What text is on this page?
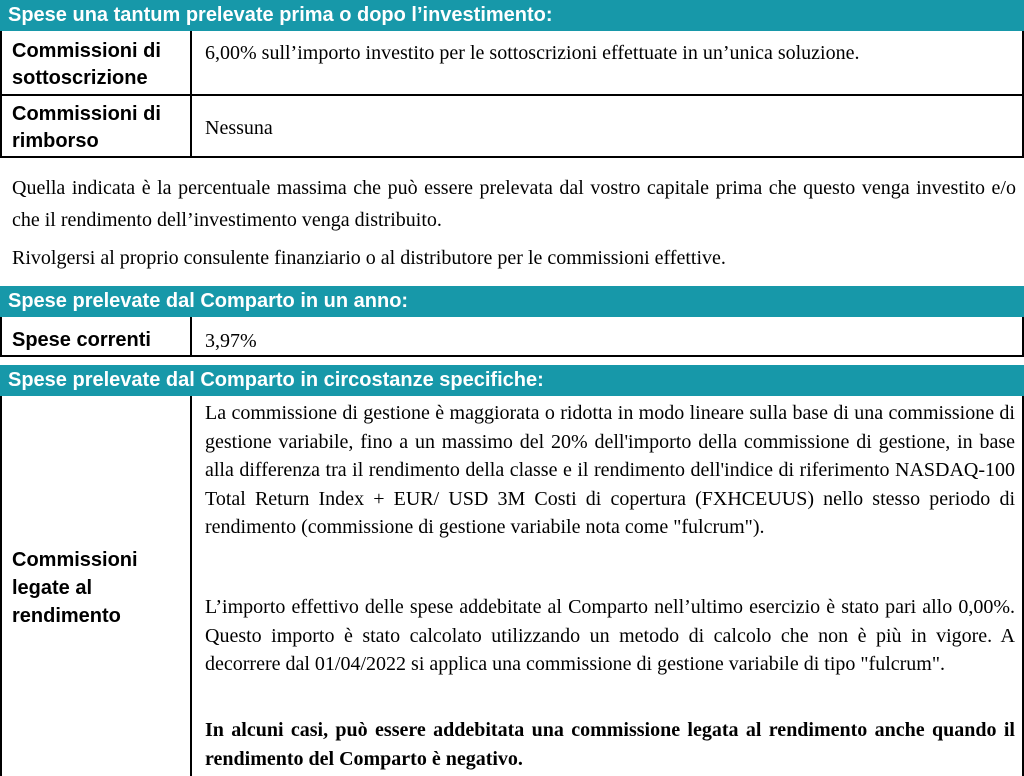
Spese una tantum prelevate prima o dopo l’investimento:
Commissioni di
sottoscrizione
6,00% sull’importo investito per le sottoscrizioni effettuate in un’unica soluzione.
Commissioni di
rimborso
Nessuna
Quella indicata è la percentuale massima che può essere prelevata dal vostro capitale prima che questo venga investito e/o che il rendimento dell’investimento venga distribuito.
Rivolgersi al proprio consulente finanziario o al distributore per le commissioni effettive.
Spese prelevate dal Comparto in un anno:
Spese correnti	3,97%
Spese prelevate dal Comparto in circostanze specifiche:
Commissioni
legate al
rendimento
La commissione di gestione è maggiorata o ridotta in modo lineare sulla base di una commissione di gestione variabile, fino a un massimo del 20% dell'importo della commissione di gestione, in base alla differenza tra il rendimento della classe e il rendimento dell'indice di riferimento NASDAQ-100 Total Return Index + EUR/ USD 3M Costi di copertura (FXHCEUUS) nello stesso periodo di rendimento (commissione di gestione variabile nota come "fulcrum").
L’importo effettivo delle spese addebitate al Comparto nell’ultimo esercizio è stato pari allo 0,00%. Questo importo è stato calcolato utilizzando un metodo di calcolo che non è più in vigore. A decorrere dal 01/04/2022 si applica una commissione di gestione variabile di tipo "fulcrum".
In alcuni casi, può essere addebitata una commissione legata al rendimento anche quando il rendimento del Comparto è negativo.
